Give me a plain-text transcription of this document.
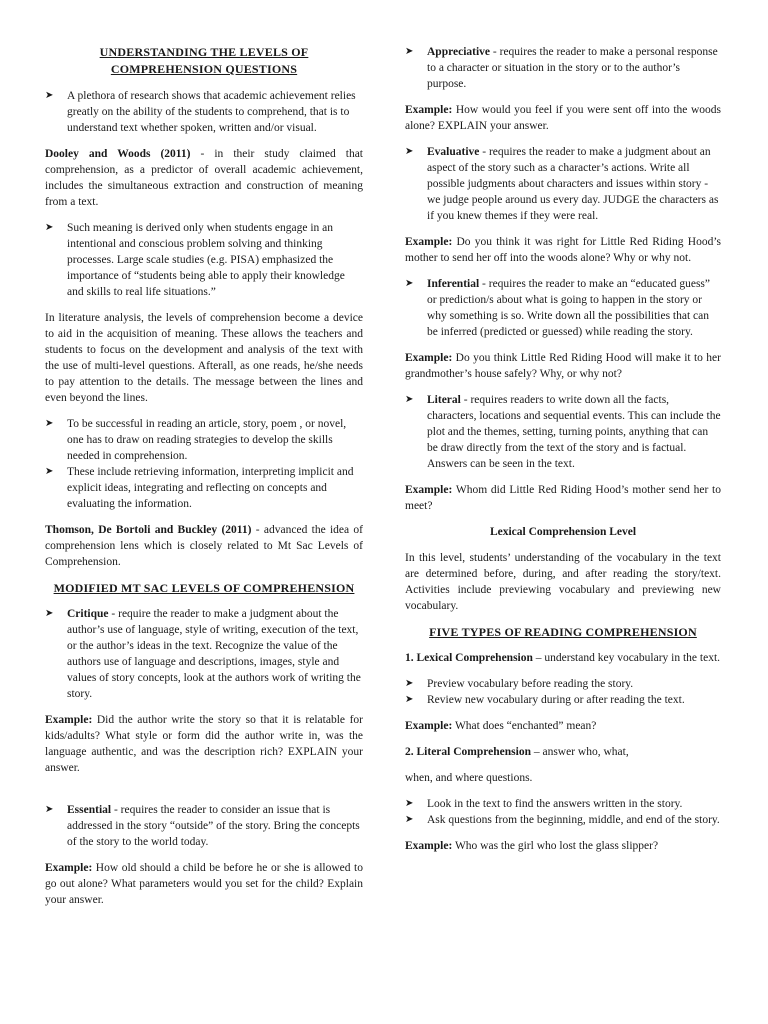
UNDERSTANDING THE LEVELS OF COMPREHENSION QUESTIONS
➤	A plethora of research shows that academic achievement relies greatly on the ability of the students to comprehend, that is to understand text whether spoken, written and/or visual.

Dooley and Woods (2011) - in their study claimed that comprehension, as a predictor of overall academic achievement, includes the simultaneous extraction and construction of meaning from a text.

➤	Such meaning is derived only when students engage in an intentional and conscious problem solving and thinking processes. Large scale studies (e.g. PISA) emphasized the importance of “students being able to apply their knowledge and skills to real life situations.”

In literature analysis, the levels of comprehension become a device to aid in the acquisition of meaning. These allows the teachers and students to focus on the development and analysis of the text with the use of multi-level questions. Afterall, as one reads, he/she needs to pay attention to the details. The message between the lines and even beyond the lines.

➤	To be successful in reading an article, story, poem , or novel, one has to draw on reading strategies to develop the skills needed in comprehension.
➤	These include retrieving information, interpreting implicit and explicit ideas, integrating and reflecting on concepts and evaluating the information.

Thomson, De Bortoli and Buckley (2011) - advanced the idea of comprehension lens which is closely related to Mt Sac Levels of Comprehension.

MODIFIED MT SAC LEVELS OF COMPREHENSION
➤	Critique - require the reader to make a judgment about the author’s use of language, style of writing, execution of the text, or the author’s ideas in the text. Recognize the value of the authors use of language and descriptions, images, style and values of story concepts, look at the authors work of writing the story.

Example: Did the author write the story so that it is relatable for kids/adults? What style or form did the author write in, was the language authentic, and was the description rich? EXPLAIN your answer.

➤	Essential - requires the reader to consider an issue that is addressed in the story “outside” of the story. Bring the concepts of the story to the world today.

Example: How old should a child be before he or she is allowed to go out alone? What parameters would you set for the child? Explain your answer.

➤	Appreciative - requires the reader to make a personal response to a character or situation in the story or to the author’s purpose.

Example: How would you feel if you were sent off into the woods alone? EXPLAIN your answer.

➤	Evaluative - requires the reader to make a judgment about an aspect of the story such as a character’s actions. Write all possible judgments about characters and issues within story - we judge people around us every day. JUDGE the characters as if you knew themes if they were real.

Example: Do you think it was right for Little Red Riding Hood’s mother to send her off into the woods alone? Why or why not.

➤	Inferential - requires the reader to make an “educated guess” or prediction/s about what is going to happen in the story or why something is so. Write down all the possibilities that can be inferred (predicted or guessed) while reading the story.

Example: Do you think Little Red Riding Hood will make it to her grandmother’s house safely? Why, or why not?

➤	Literal - requires readers to write down all the facts, characters, locations and sequential events. This can include the plot and the themes, setting, turning points, anything that can be draw directly from the text of the story and is factual. Answers can be seen in the text.

Example: Whom did Little Red Riding Hood’s mother send her to meet?

Lexical Comprehension Level

In this level, students’ understanding of the vocabulary in the text are determined before, during, and after reading the story/text. Activities include previewing vocabulary and previewing new vocabulary.

FIVE TYPES OF READING COMPREHENSION

1. Lexical Comprehension – understand key vocabulary in the text.

➤	Preview vocabulary before reading the story.
➤	Review new vocabulary during or after reading the text.

Example: What does “enchanted” mean?

2. Literal Comprehension – answer who, what,

when, and where questions.

➤	Look in the text to find the answers written in the story.
➤	Ask questions from the beginning, middle, and end of the story.

Example: Who was the girl who lost the glass slipper?
